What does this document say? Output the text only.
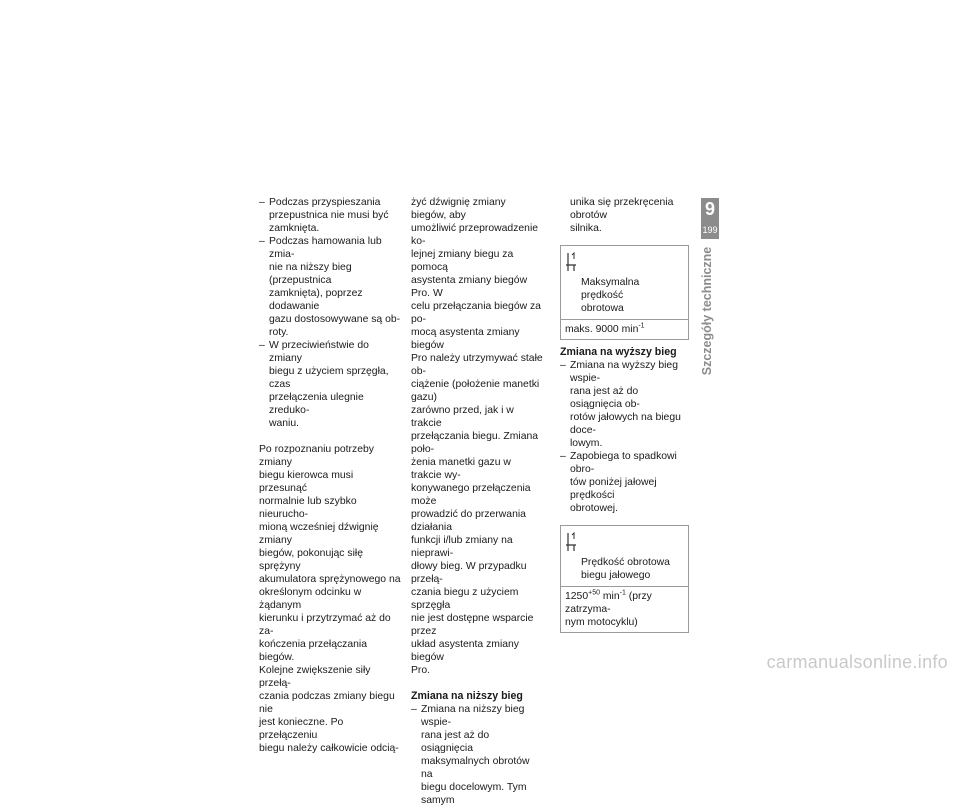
– Podczas przyspieszania
przepustnica nie musi być
zamknięta.

– Podczas hamowania lub zmia-
nie na niższy bieg (przepustnica
zamknięta), poprzez dodawanie
gazu dostosowywane są ob-
roty.

– W przeciwieństwie do zmiany
biegu z użyciem sprzęgła, czas
przełączenia ulegnie zreduko-
waniu.

Po rozpoznaniu potrzeby zmiany
biegu kierowca musi przesunąć
normalnie lub szybko nieurucho-
mioną wcześniej dźwignię zmiany
biegów, pokonując siłę sprężyny
akumulatora sprężynowego na
określonym odcinku w żądanym
kierunku i przytrzymać aż do za-
kończenia przełączania biegów.
Kolejne zwiększenie siły przełą-
czania podczas zmiany biegu nie
jest konieczne. Po przełączeniu
biegu należy całkowicie odcią-

żyć dźwignię zmiany biegów, aby
umożliwić przeprowadzenie ko-
lejnej zmiany biegu za pomocą
asystenta zmiany biegów Pro. W
celu przełączania biegów za po-
mocą asystenta zmiany biegów
Pro należy utrzymywać stałe ob-
ciążenie (położenie manetki gazu)
zarówno przed, jak i w trakcie
przełączania biegu. Zmiana poło-
żenia manetki gazu w trakcie wy-
konywanego przełączenia może
prowadzić do przerwania działania
funkcji i/lub zmiany na nieprawi-
dłowy bieg. W przypadku przełą-
czania biegu z użyciem sprzęgła
nie jest dostępne wsparcie przez
układ asystenta zmiany biegów
Pro.

Zmiana na niższy bieg

– Zmiana na niższy bieg wspie-
rana jest aż do osiągnięcia
maksymalnych obrotów na
biegu docelowym. Tym samym

unika się przekręcenia obrotów
silnika.

Maksymalna prędkość
obrotowa

maks. 9000 $\min^{-1}$

Zmiana na wyższy bieg

– Zmiana na wyższy bieg wspie-
rana jest aż do osiągnięcia ob-
rotów jałowych na biegu doce-
lowym.

– Zapobiega to spadkowi obro-
tów poniżej jałowej prędkości
obrotowej.

Prędkość obrotowa
biegu jałowego

$1250^{+50}$ $\min^{-1}$ (przy zatrzyma-
nym motocyklu)
9
199
Szczegóły techniczne
carmanualsonline.info
